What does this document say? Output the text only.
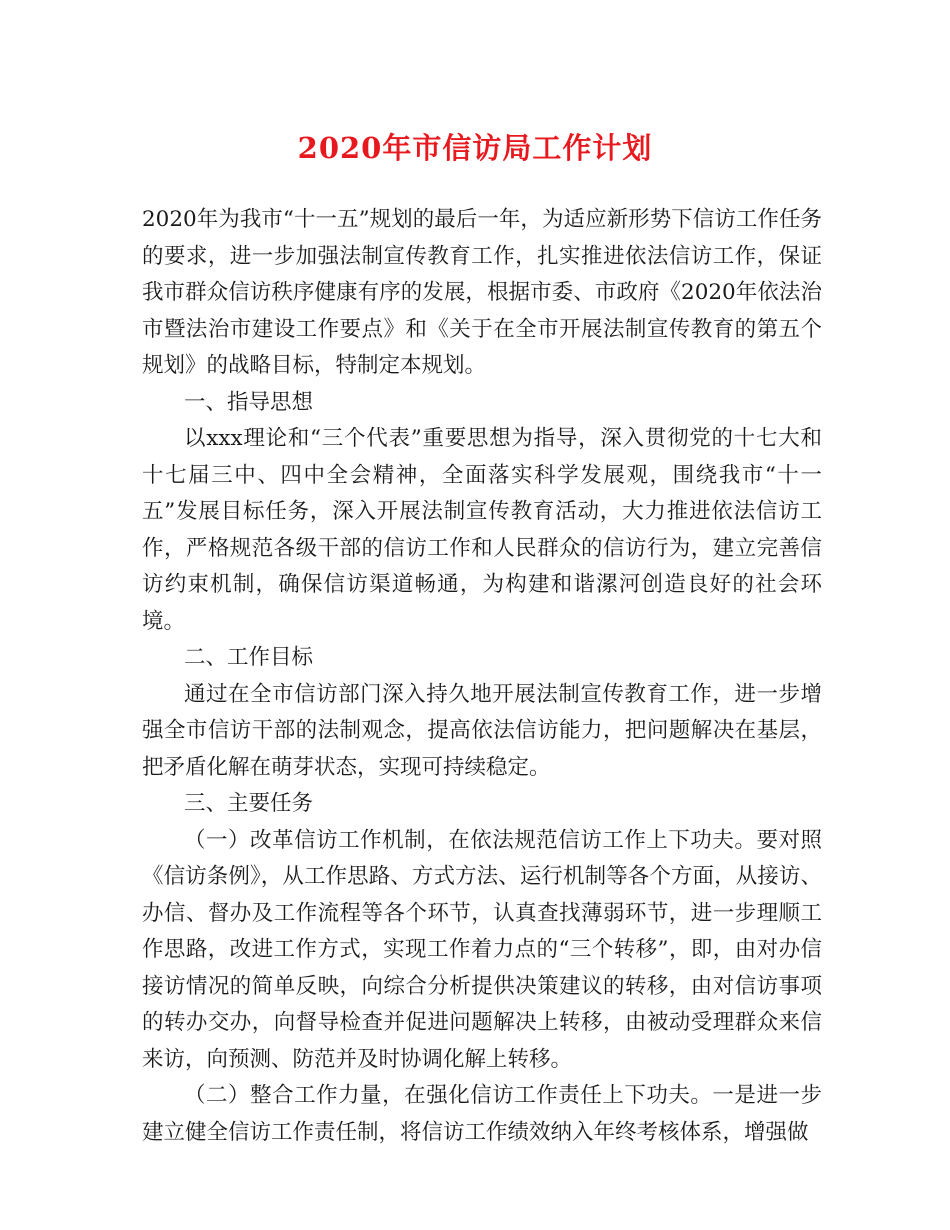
2020年市信访局工作计划

2020年为我市“十一五”规划的最后一年，为适应新形势下信访工作任务的要求，进一步加强法制宣传教育工作，扎实推进依法信访工作，保证我市群众信访秩序健康有序的发展，根据市委、市政府《2020年依法治市暨法治市建设工作要点》和《关于在全市开展法制宣传教育的第五个规划》的战略目标，特制定本规划。

一、指导思想

以xxx理论和“三个代表”重要思想为指导，深入贯彻党的十七大和十七届三中、四中全会精神，全面落实科学发展观，围绕我市“十一五”发展目标任务，深入开展法制宣传教育活动，大力推进依法信访工作，严格规范各级干部的信访工作和人民群众的信访行为，建立完善信访约束机制，确保信访渠道畅通，为构建和谐漯河创造良好的社会环境。

二、工作目标

通过在全市信访部门深入持久地开展法制宣传教育工作，进一步增强全市信访干部的法制观念，提高依法信访能力，把问题解决在基层，把矛盾化解在萌芽状态，实现可持续稳定。

三、主要任务

（一）改革信访工作机制，在依法规范信访工作上下功夫。要对照《信访条例》，从工作思路、方式方法、运行机制等各个方面，从接访、办信、督办及工作流程等各个环节，认真查找薄弱环节，进一步理顺工作思路，改进工作方式，实现工作着力点的“三个转移”，即，由对办信接访情况的简单反映，向综合分析提供决策建议的转移，由对信访事项的转办交办，向督导检查并促进问题解决上转移，由被动受理群众来信来访，向预测、防范并及时协调化解上转移。

（二）整合工作力量，在强化信访工作责任上下功夫。一是进一步建立健全信访工作责任制，将信访工作绩效纳入年终考核体系，增强做
